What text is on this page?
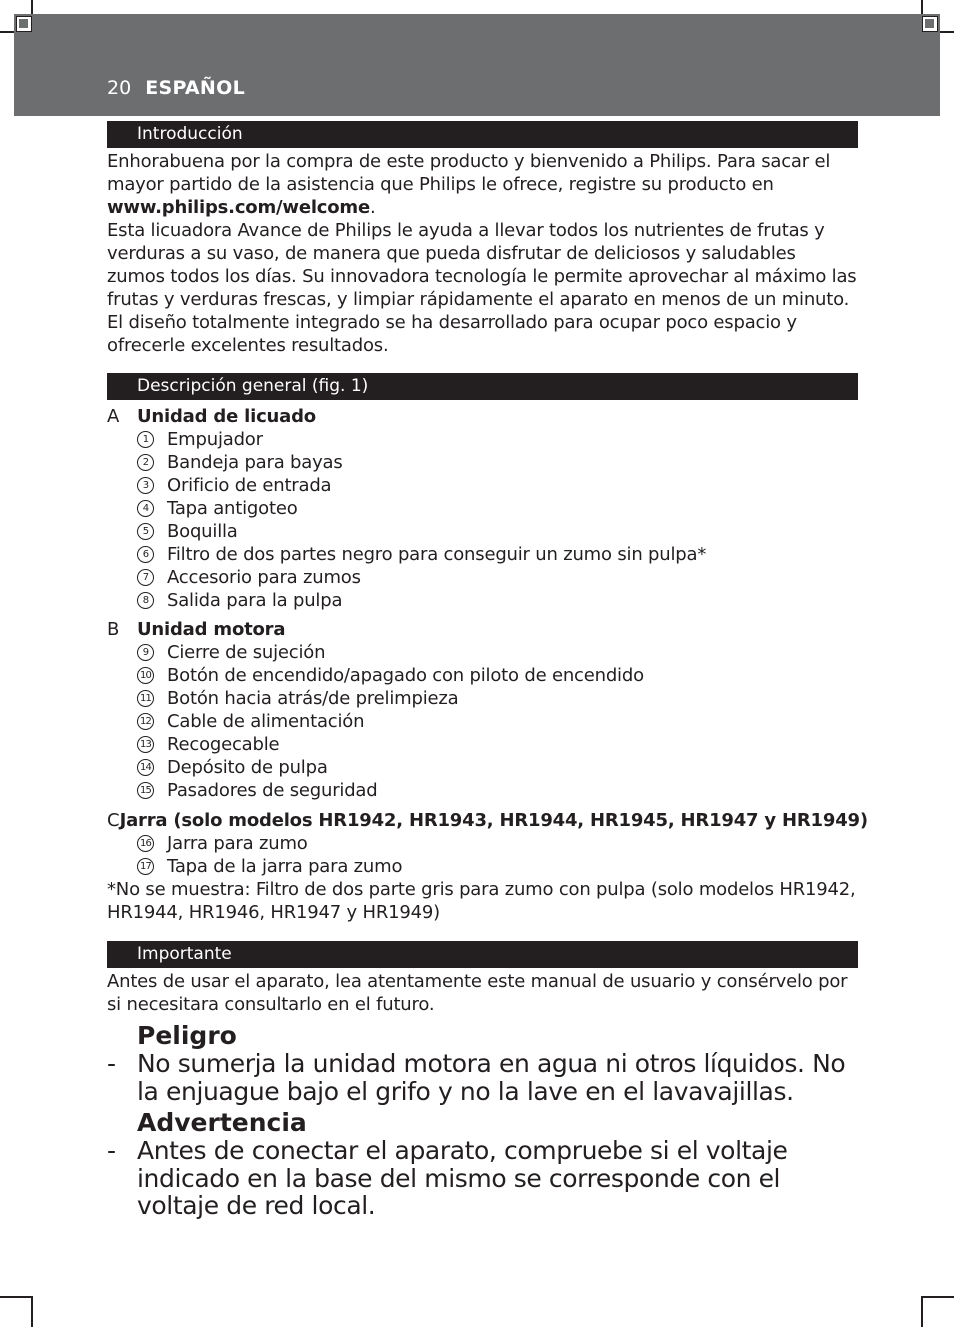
20 ESPAÑOL
Introducción

Enhorabuena por la compra de este producto y bienvenido a Philips. Para sacar el mayor partido de la asistencia que Philips le ofrece, registre su producto en www.philips.com/welcome.

Esta licuadora Avance de Philips le ayuda a llevar todos los nutrientes de frutas y verduras a su vaso, de manera que pueda disfrutar de deliciosos y saludables zumos todos los días. Su innovadora tecnología le permite aprovechar al máximo las frutas y verduras frescas, y limpiar rápidamente el aparato en menos de un minuto. El diseño totalmente integrado se ha desarrollado para ocupar poco espacio y ofrecerle excelentes resultados.

Descripción general (fig. 1)
A Unidad de licuado
1	Empujador
2	Bandeja para bayas
3	Orificio de entrada
4	Tapa antigoteo
5	Boquilla
6	Filtro de dos partes negro para conseguir un zumo sin pulpa*
7	Accesorio para zumos
8	Salida para la pulpa
B Unidad motora
9	Cierre de sujeción
10 Botón de encendido/apagado con piloto de encendido
11 Botón hacia atrás/de prelimpieza
12 Cable de alimentación
13 Recogecable
14 Depósito de pulpa
15 Pasadores de seguridad
C Jarra (solo modelos HR1942, HR1943, HR1944, HR1945, HR1947 y HR1949)
16 Jarra para zumo
17 Tapa de la jarra para zumo

*No se muestra: Filtro de dos parte gris para zumo con pulpa (solo modelos HR1942, HR1944, HR1946, HR1947 y HR1949)

Importante

Antes de usar el aparato, lea atentamente este manual de usuario y consérvelo por si necesitara consultarlo en el futuro.

Peligro

- No sumerja la unidad motora en agua ni otros líquidos. No la enjuague bajo el grifo y no la lave en el lavavajillas.

Advertencia

- Antes de conectar el aparato, compruebe si el voltaje indicado en la base del mismo se corresponde con el voltaje de red local.
